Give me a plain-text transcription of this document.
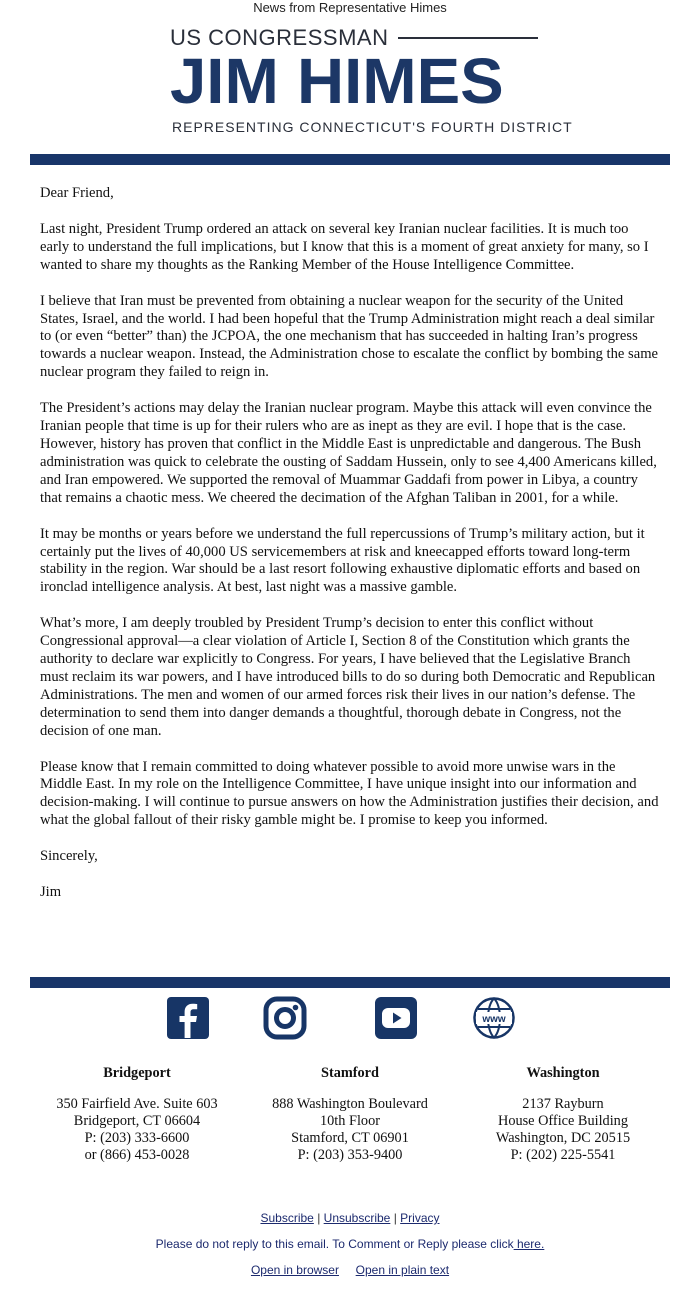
News from Representative Himes
US CONGRESSMAN
JIM HIMES
REPRESENTING CONNECTICUT'S FOURTH DISTRICT

Dear Friend,

Last night, President Trump ordered an attack on several key Iranian nuclear facilities. It is much too early to understand the full implications, but I know that this is a moment of great anxiety for many, so I wanted to share my thoughts as the Ranking Member of the House Intelligence Committee.

I believe that Iran must be prevented from obtaining a nuclear weapon for the security of the United States, Israel, and the world. I had been hopeful that the Trump Administration might reach a deal similar to (or even “better” than) the JCPOA, the one mechanism that has succeeded in halting Iran’s progress towards a nuclear weapon. Instead, the Administration chose to escalate the conflict by bombing the same nuclear program they failed to reign in.

The President’s actions may delay the Iranian nuclear program. Maybe this attack will even convince the Iranian people that time is up for their rulers who are as inept as they are evil. I hope that is the case. However, history has proven that conflict in the Middle East is unpredictable and dangerous. The Bush administration was quick to celebrate the ousting of Saddam Hussein, only to see 4,400 Americans killed, and Iran empowered. We supported the removal of Muammar Gaddafi from power in Libya, a country that remains a chaotic mess. We cheered the decimation of the Afghan Taliban in 2001, for a while.

It may be months or years before we understand the full repercussions of Trump’s military action, but it certainly put the lives of 40,000 US servicemembers at risk and kneecapped efforts toward long-term stability in the region. War should be a last resort following exhaustive diplomatic efforts and based on ironclad intelligence analysis. At best, last night was a massive gamble.

What’s more, I am deeply troubled by President Trump’s decision to enter this conflict without Congressional approval—a clear violation of Article I, Section 8 of the Constitution which grants the authority to declare war explicitly to Congress. For years, I have believed that the Legislative Branch must reclaim its war powers, and I have introduced bills to do so during both Democratic and Republican Administrations. The men and women of our armed forces risk their lives in our nation’s defense. The determination to send them into danger demands a thoughtful, thorough debate in Congress, not the decision of one man.

Please know that I remain committed to doing whatever possible to avoid more unwise wars in the Middle East. In my role on the Intelligence Committee, I have unique insight into our information and decision-making. I will continue to pursue answers on how the Administration justifies their decision, and what the global fallout of their risky gamble might be. I promise to keep you informed.

Sincerely,

Jim

www
Bridgeport
350 Fairfield Ave. Suite 603
Bridgeport, CT 06604
P: (203) 333-6600
or (866) 453-0028
Stamford
888 Washington Boulevard
10th Floor
Stamford, CT 06901
P: (203) 353-9400
Washington
2137 Rayburn
House Office Building
Washington, DC 20515
P: (202) 225-5541
Subscribe | Unsubscribe | Privacy
Please do not reply to this email. To Comment or Reply please click here.
Open in browser Open in plain text
